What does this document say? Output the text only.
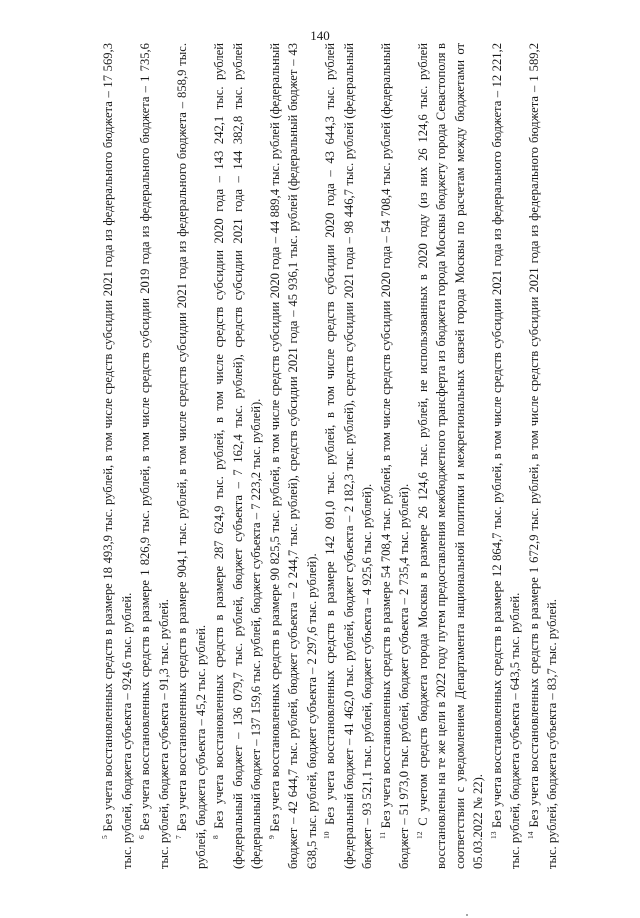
140

$^5$ Без учета восстановленных средств в размере 18 493,9 тыс. рублей, в том числе средств субсидии 2021 года из федерального бюджета – 17 569,3 тыс. рублей, бюджета субъекта – 924,6 тыс. рублей. $^6$ Без учета восстановленных средств в размере 1 826,9 тыс. рублей, в том числе средств субсидии 2019 года из федерального бюджета – 1 735,6 тыс. рублей, бюджета субъекта – 91,3 тыс. рублей. $^7$ Без учета восстановленных средств в размере 904,1 тыс. рублей, в том числе средств субсидии 2021 года из федерального бюджета – 858,9 тыс. рублей, бюджета субъекта – 45,2 тыс. рублей. $^8$ Без учета восстановленных средств в размере 287 624,9 тыс. рублей, в том числе средств субсидии 2020 года – 143 242,1 тыс. рублей (федеральный бюджет – 136 079,7 тыс. рублей, бюджет субъекта – 7 162,4 тыс. рублей), средств субсидии 2021 года – 144 382,8 тыс. рублей (федеральный бюджет – 137 159,6 тыс. рублей, бюджет субъекта – 7 223,2 тыс. рублей). $^9$ Без учета восстановленных средств в размере 90 825,5 тыс. рублей, в том числе средств субсидии 2020 года – 44 889,4 тыс. рублей (федеральный бюджет – 42 644,7 тыс. рублей, бюджет субъекта – 2 244,7 тыс. рублей), средств субсидии 2021 года – 45 936,1 тыс. рублей (федеральный бюджет – 43 638,5 тыс. рублей, бюджет субъекта – 2 297,6 тыс. рублей). $^{10}$ Без учета восстановленных средств в размере 142 091,0 тыс. рублей, в том числе средств субсидии 2020 года – 43 644,3 тыс. рублей (федеральный бюджет – 41 462,0 тыс. рублей, бюджет субъекта – 2 182,3 тыс. рублей), средств субсидии 2021 года – 98 446,7 тыс. рублей (федеральный бюджет – 93 521,1 тыс. рублей, бюджет субъекта – 4 925,6 тыс. рублей). $^{11}$ Без учета восстановленных средств в размере 54 708,4 тыс. рублей, в том числе средств субсидии 2020 года – 54 708,4 тыс. рублей (федеральный бюджет – 51 973,0 тыс. рублей, бюджет субъекта – 2 735,4 тыс. рублей). $^{12}$ С учетом средств бюджета города Москвы в размере 26 124,6 тыс. рублей, не использованных в 2020 году (из них 26 124,6 тыс. рублей восстановлены на те же цели в 2022 году путем предоставления межбюджетного трансферта из бюджета города Москвы бюджету города Севастополя в соответствии с уведомлением Департамента национальной политики и межрегиональных связей города Москвы по расчетам между бюджетами от 05.03.2022 № 22). $^{13}$ Без учета восстановленных средств в размере 12 864,7 тыс. рублей, в том числе средств субсидии 2021 года из федерального бюджета – 12 221,2 тыс. рублей, бюджета субъекта – 643,5 тыс. рублей. $^{14}$ Без учета восстановленных средств в размере 1 672,9 тыс. рублей, в том числе средств субсидии 2021 года из федерального бюджета – 1 589,2 тыс. рублей, бюджета субъекта – 83,7 тыс. рублей.
